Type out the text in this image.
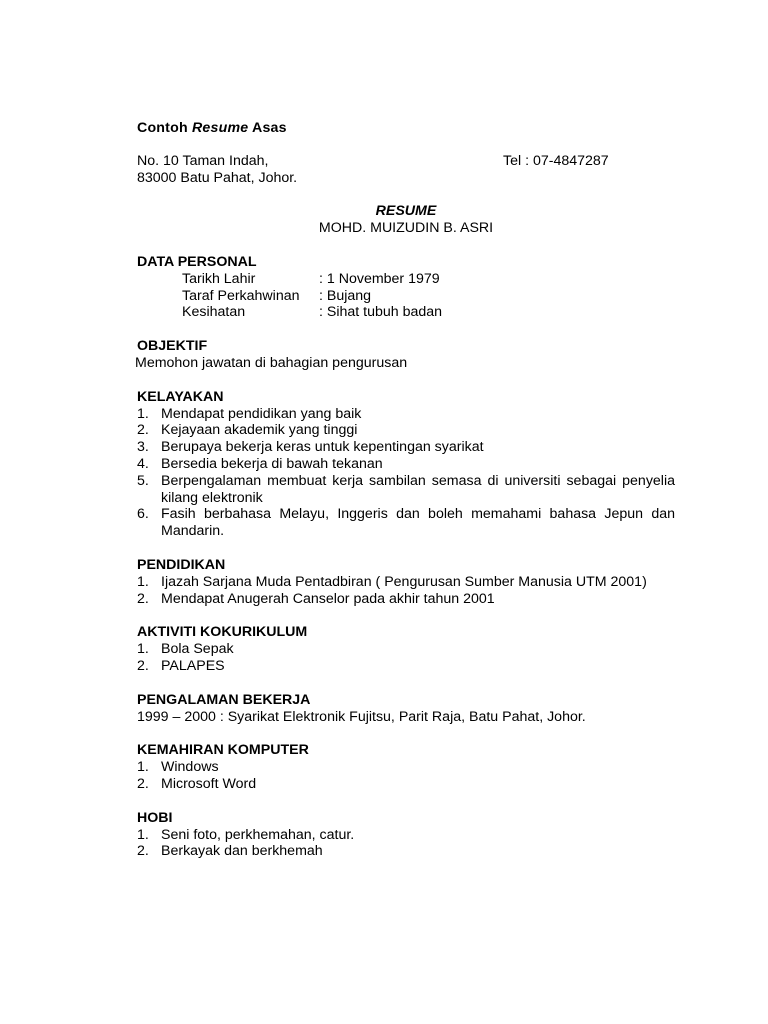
Contoh Resume Asas
No. 10 Taman Indah,
83000 Batu Pahat, Johor.
Tel : 07-4847287
RESUME
MOHD. MUIZUDIN B. ASRI
DATA PERSONAL
Tarikh Lahir	: 1 November 1979
Taraf Perkahwinan	: Bujang
Kesihatan	: Sihat tubuh badan
OBJEKTIF
Memohon jawatan di bahagian pengurusan
KELAYAKAN
1. Mendapat pendidikan yang baik
2. Kejayaan akademik yang tinggi
3. Berupaya bekerja keras untuk kepentingan syarikat
4. Bersedia bekerja di bawah tekanan
5. Berpengalaman membuat kerja sambilan semasa di universiti sebagai penyelia kilang elektronik
6. Fasih berbahasa Melayu, Inggeris dan boleh memahami bahasa Jepun dan Mandarin.
PENDIDIKAN
1. Ijazah Sarjana Muda Pentadbiran ( Pengurusan Sumber Manusia UTM 2001)
2. Mendapat Anugerah Canselor pada akhir tahun 2001
AKTIVITI KOKURIKULUM
1. Bola Sepak
2. PALAPES
PENGALAMAN BEKERJA
1999 – 2000 : Syarikat Elektronik Fujitsu, Parit Raja, Batu Pahat, Johor.
KEMAHIRAN KOMPUTER
1. Windows
2. Microsoft Word
HOBI
1. Seni foto, perkhemahan, catur.
2. Berkayak dan berkhemah
